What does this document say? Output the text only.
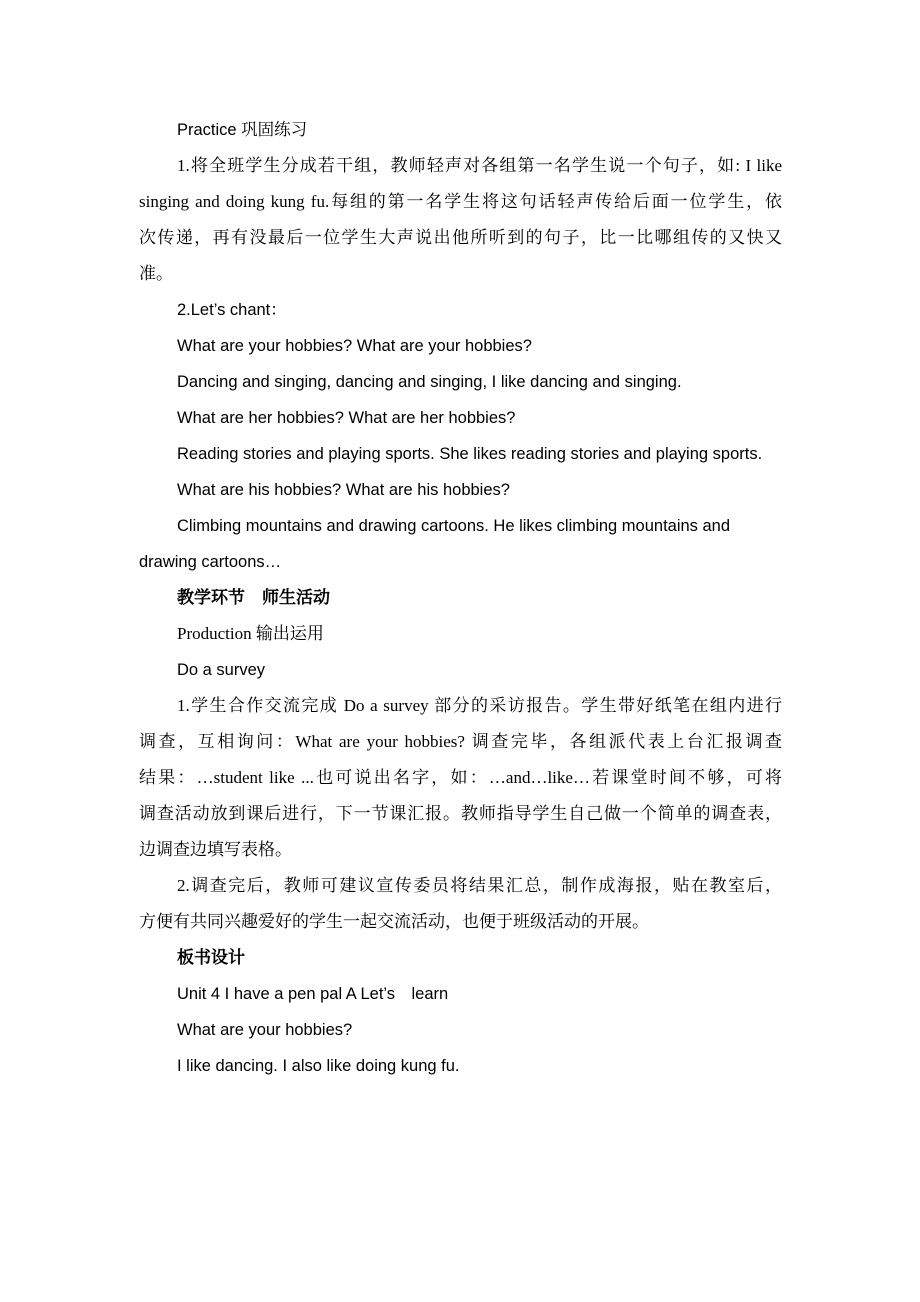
Practice 巩固练习
1.将全班学生分成若干组，教师轻声对各组第一名学生说一个句子，如: I like
singing and doing kung fu.每组的第一名学生将这句话轻声传给后面一位学生，依
次传递，再有没最后一位学生大声说出他所听到的句子，比一比哪组传的又快又
准。
2.Let’s chant：
What are your hobbies? What are your hobbies?
Dancing and singing, dancing and singing, I like dancing and singing.
What are her hobbies? What are her hobbies?
Reading stories and playing sports. She likes reading stories and playing sports.
What are his hobbies? What are his hobbies?
Climbing mountains and drawing cartoons. He likes climbing mountains and
drawing cartoons…
教学环节　师生活动
Production 输出运用
Do a survey
1.学生合作交流完成 Do a survey 部分的采访报告。学生带好纸笔在组内进行
调查，互相询问：What are your hobbies? 调查完毕，各组派代表上台汇报调查
结果：…student like ...也可说出名字，如：…and…like…若课堂时间不够，可将
调查活动放到课后进行，下一节课汇报。教师指导学生自己做一个简单的调查表，
边调查边填写表格。
2.调查完后，教师可建议宣传委员将结果汇总，制作成海报，贴在教室后，
方便有共同兴趣爱好的学生一起交流活动，也便于班级活动的开展。
板书设计
Unit 4 I have a pen pal A Let’s　learn
What are your hobbies?
I like dancing. I also like doing kung fu.
